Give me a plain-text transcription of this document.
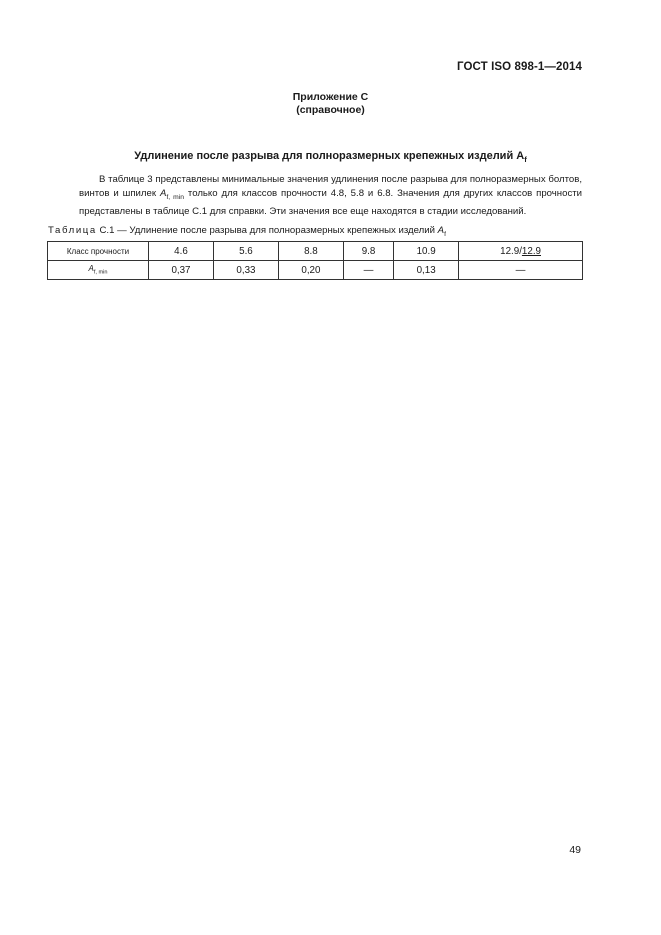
ГОСТ ISO 898-1—2014
Приложение С
(справочное)
Удлинение после разрыва для полноразмерных крепежных изделий $A_f$

В таблице 3 представлены минимальные значения удлинения после разрыва для полноразмерных болтов, винтов и шпилек $A_{f, min}$ только для классов прочности 4.8, 5.8 и 6.8. Значения для других классов прочности представлены в таблице С.1 для справки. Эти значения все еще находятся в стадии исследований.

Таблица С.1 — Удлинение после разрыва для полноразмерных крепежных изделий $A_f$
Класс прочности	4.6	5.6	8.8	9.8	10.9	12.9/12.9
$A_{f, min}$	0,37	0,33	0,20	—	0,13	—
49
